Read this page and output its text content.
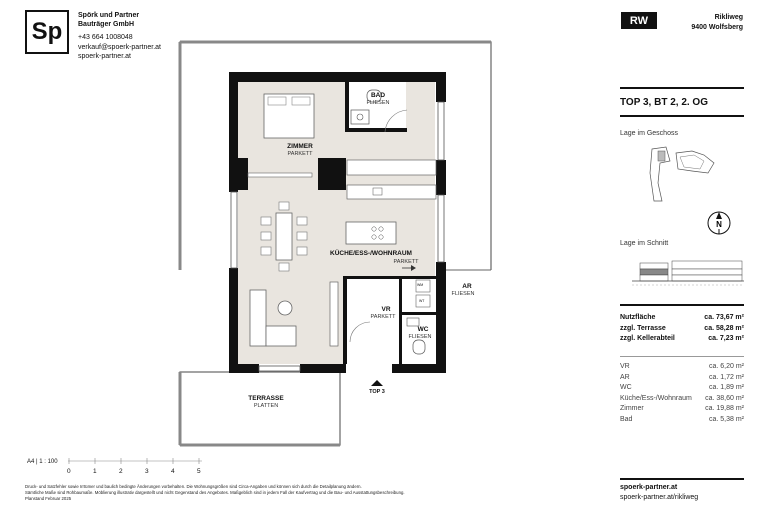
Sp
Spörk und Partner
Bauträger GmbH
+43 664 1008048
verkauf@spoerk-partner.at
spoerk-partner.at
RW	Rikliweg
9400 Wolfsberg
TOP 3, BT 2, 2. OG
Lage im Geschoss
N
Lage im Schnitt
Nutzfläche	ca. 73,67 m²
zzgl. Terrasse	ca. 58,28 m²
zzgl. Kellerabteil	ca. 7,23 m²
VR	ca. 6,20 m²
AR	ca. 1,72 m²
WC	ca. 1,89 m²
Küche/Ess-/Wohnraum ca. 38,60 m²
Zimmer	ca. 19,88 m²
Bad	ca. 5,38 m²
spoerk-partner.at
spoerk-partner.at/rikliweg
BAD
FLIESEN
ZIMMER
PARKETT
KÜCHE/ESS-/WOHNRAUM
PARKETT
AR
FLIESEN
VR
PARKETT
WC
FLIESEN
TERRASSE
PLATTEN
TOP 3
WM
WT
A4 | 1 : 100
0	1	2	3	4	5
Druck- und Satzfehler sowie Irrtümer und baulich bedingte Änderungen vorbehalten. Die Wohnungsgrößen sind Circa-Angaben und können sich durch die Detailplanung ändern.
Sämtliche Maße sind Rohbaumaße. Möblierung illustrativ dargestellt und nicht Gegenstand des Angebotes. Maßgeblich sind in jedem Fall der Kaufvertrag und die Bau- und Ausstattungsbeschreibung.
Planstand Februar 2025
